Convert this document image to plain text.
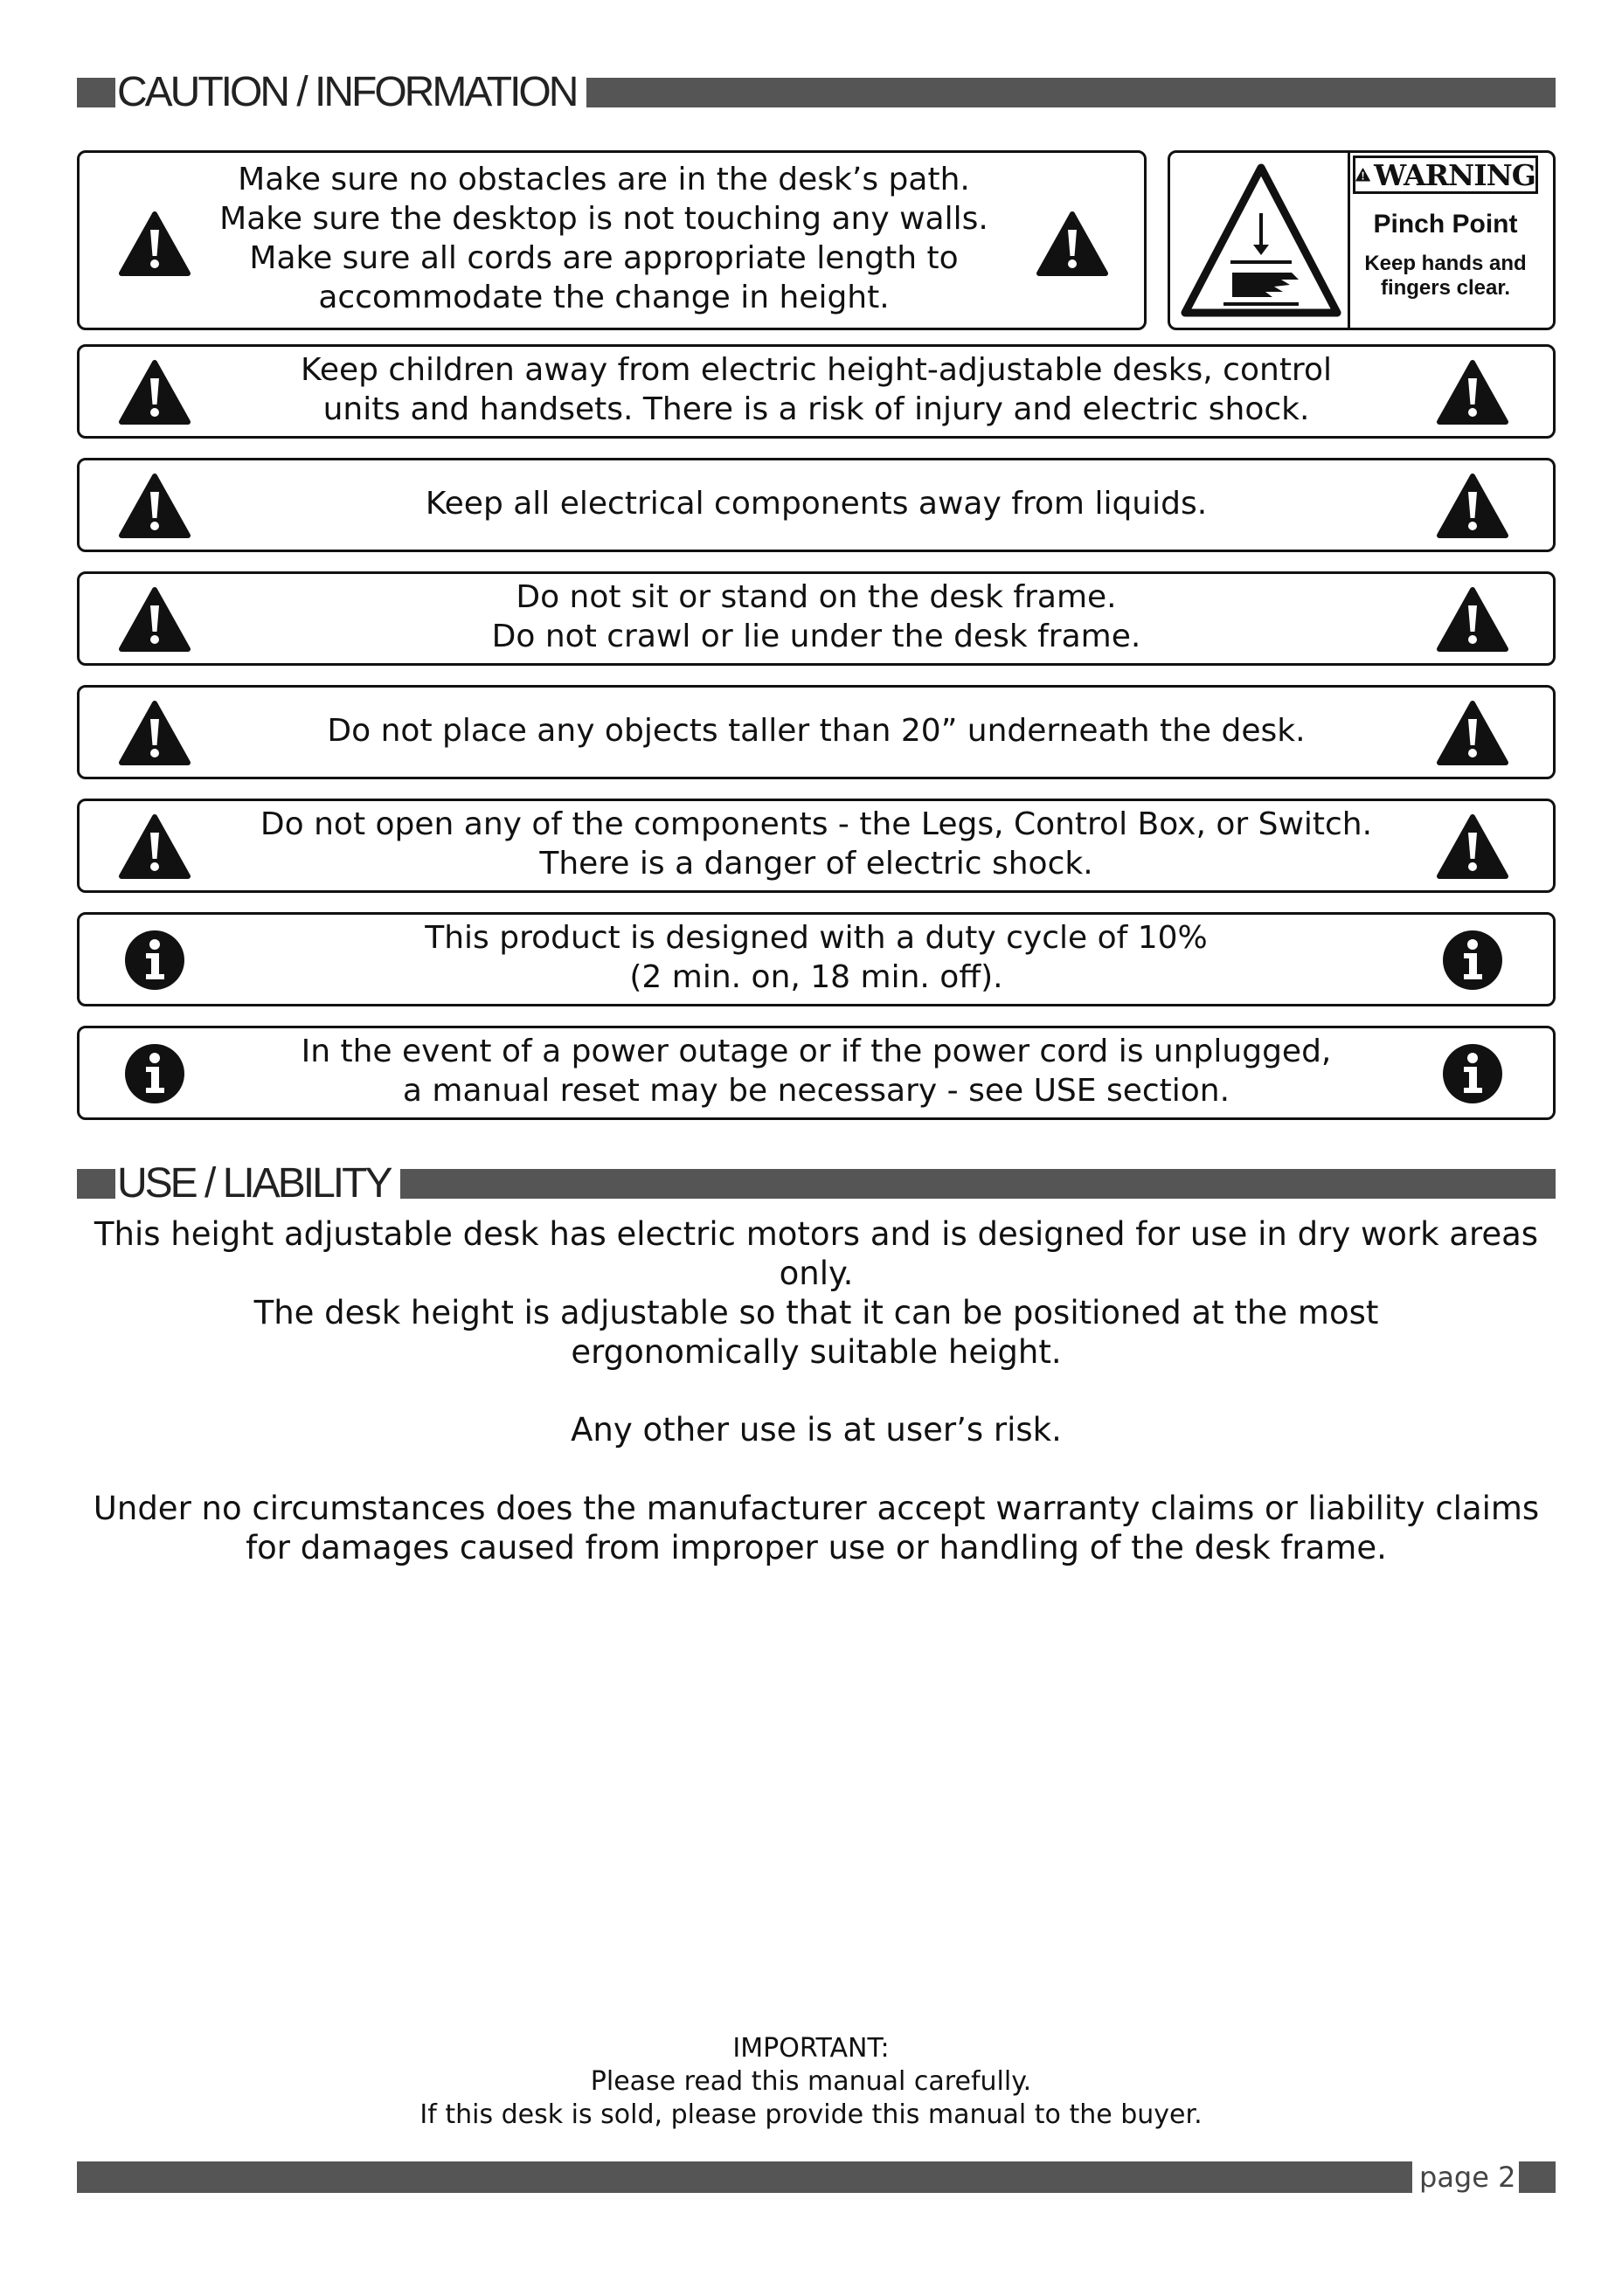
CAUTION / INFORMATION
Make sure no obstacles are in the desk’s path.
Make sure the desktop is not touching any walls.
Make sure all cords are appropriate length to
accommodate the change in height.
WARNING
Pinch Point
Keep hands and
fingers clear.
Keep children away from electric height-adjustable desks, control
units and handsets. There is a risk of injury and electric shock.
Keep all electrical components away from liquids.
Do not sit or stand on the desk frame.
Do not crawl or lie under the desk frame.
Do not place any objects taller than 20” underneath the desk.
Do not open any of the components - the Legs, Control Box, or Switch.
There is a danger of electric shock.
This product is designed with a duty cycle of 10%
(2 min. on, 18 min. off).
In the event of a power outage or if the power cord is unplugged,
a manual reset may be necessary - see USE section.
USE / LIABILITY
This height adjustable desk has electric motors and is designed for use in dry work areas only.
The desk height is adjustable so that it can be positioned at the most
ergonomically suitable height.
Any other use is at user’s risk.
Under no circumstances does the manufacturer accept warranty claims or liability claims
for damages caused from improper use or handling of the desk frame.
IMPORTANT:
Please read this manual carefully.
If this desk is sold, please provide this manual to the buyer.
page 2
